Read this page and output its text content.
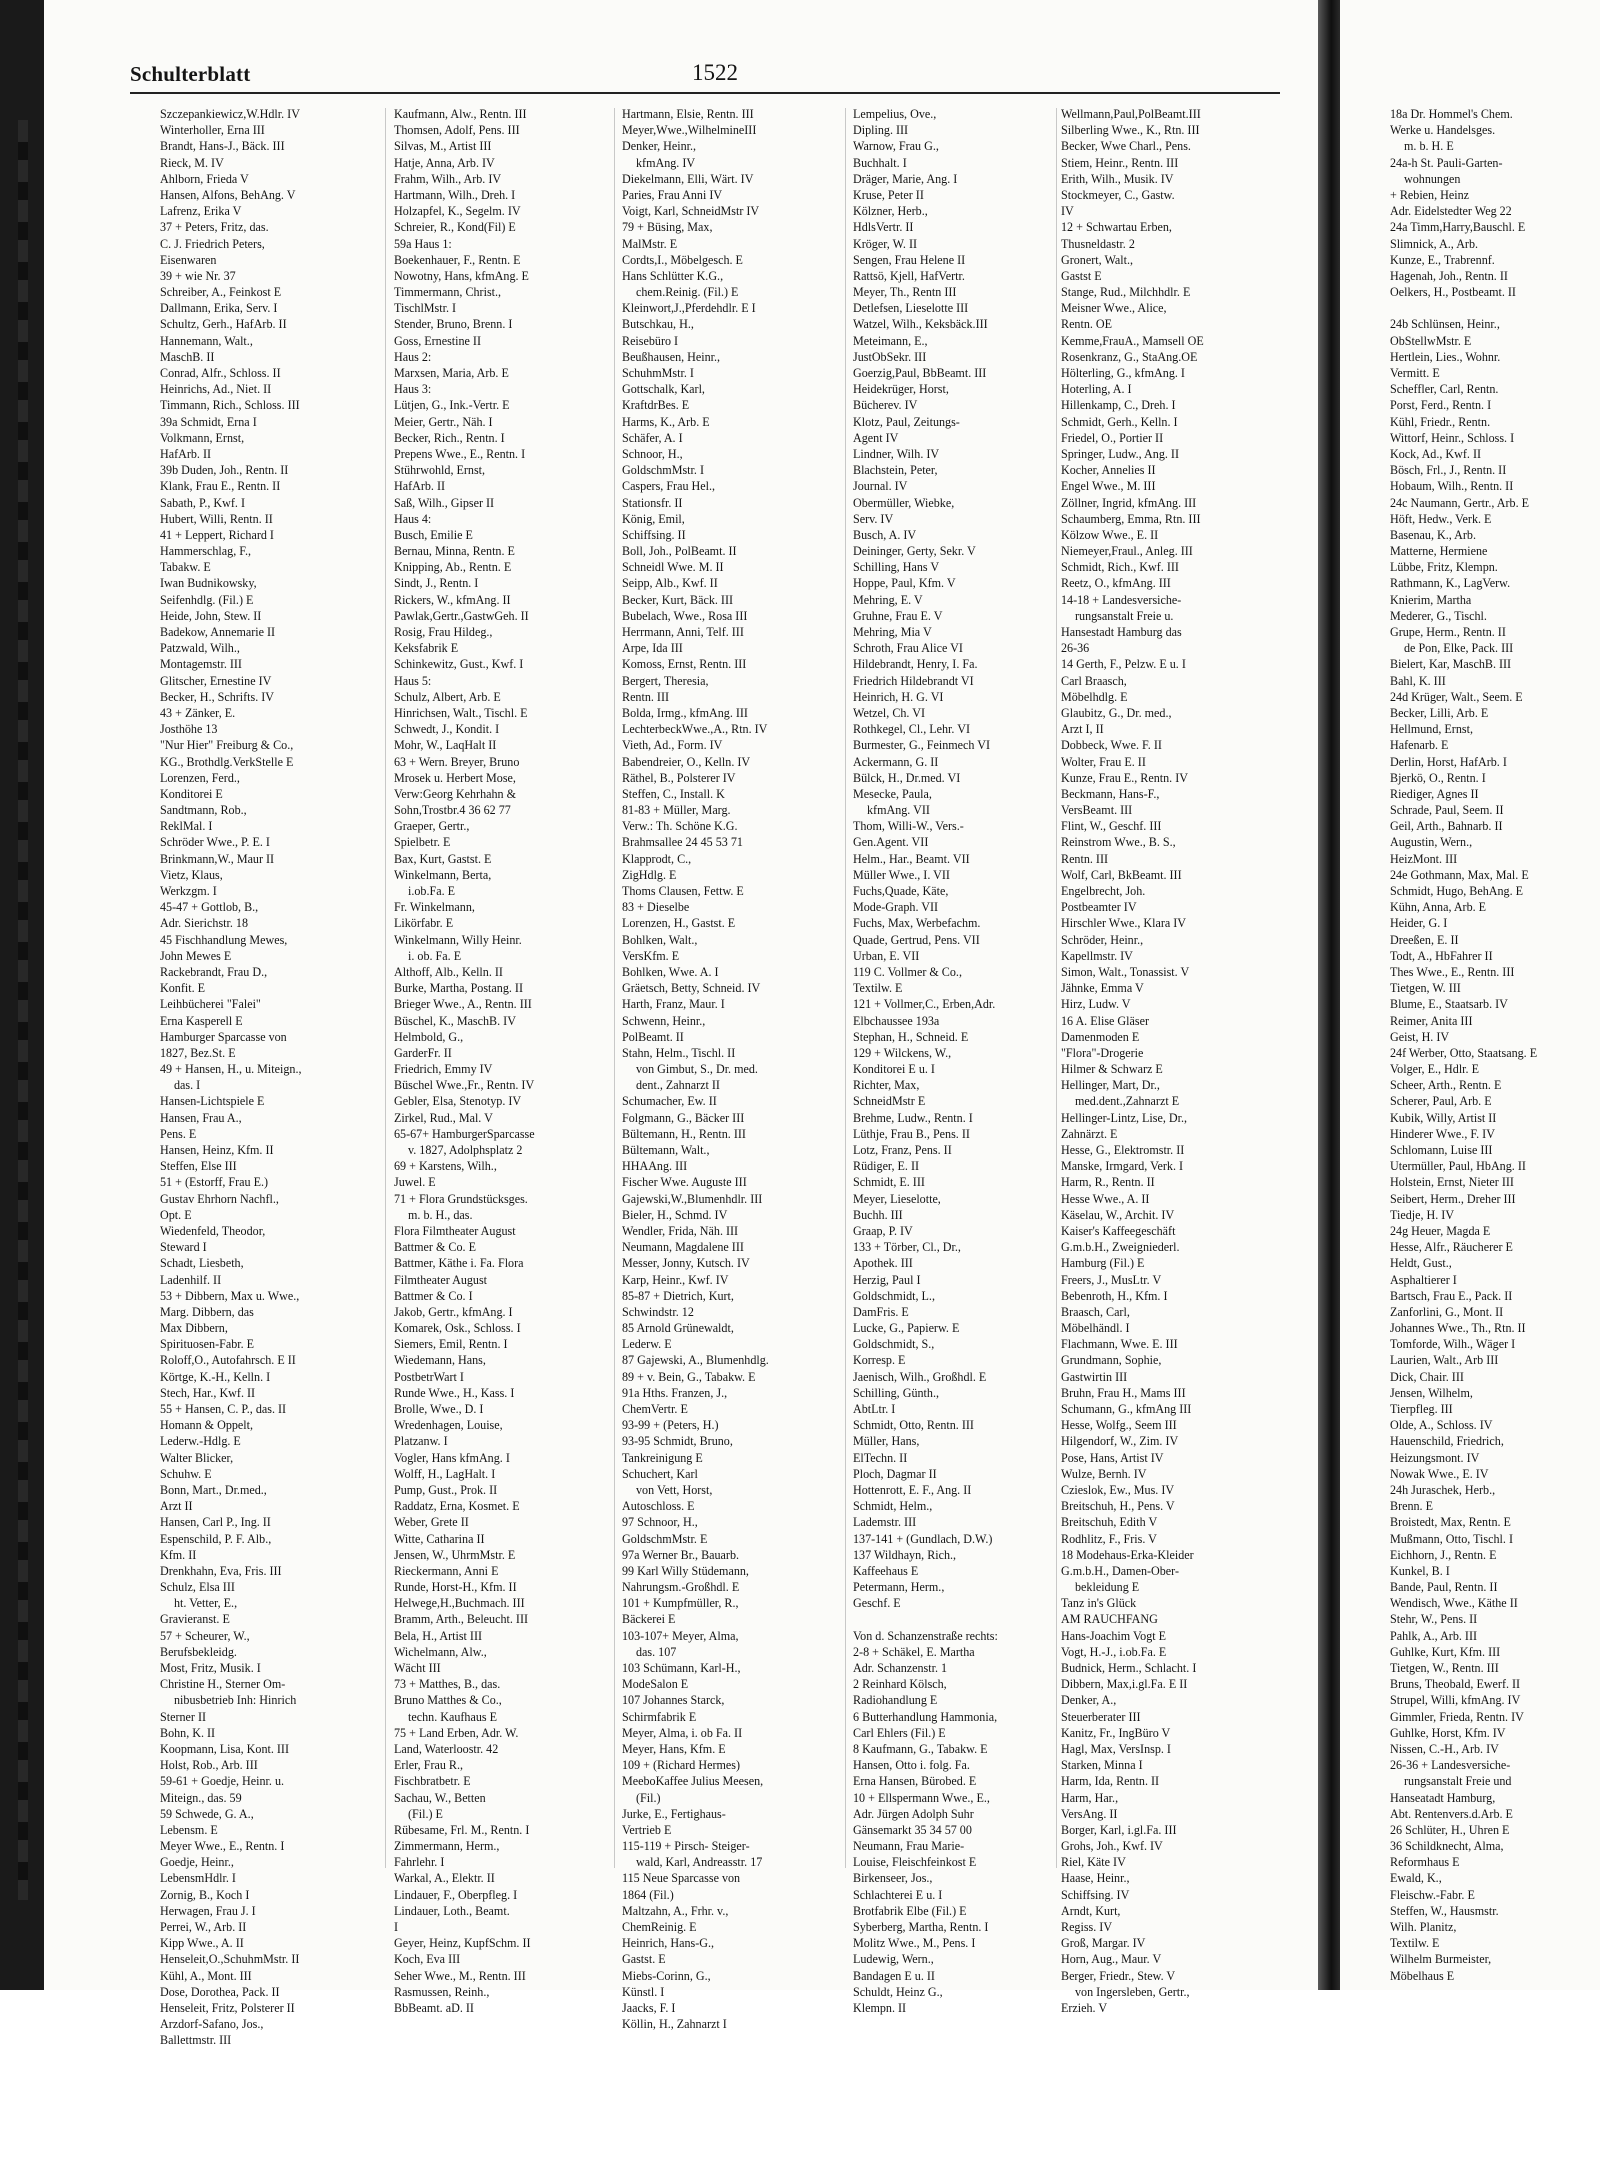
Schulterblatt	1522
Szczepankiewicz,W.Hdlr. IV
Winterholler, Erna III
Brandt, Hans-J., Bäck. III
Rieck, M. IV
Ahlborn, Frieda V
Hansen, Alfons, BehAng. V
Lafrenz, Erika V
37 + Peters, Fritz, das.
C. J. Friedrich Peters,
Eisenwaren
39 + wie Nr. 37
Schreiber, A., Feinkost E
Dallmann, Erika, Serv. I
Schultz, Gerh., HafArb. II
Hannemann, Walt.,
MaschB. II
Conrad, Alfr., Schloss. II
Heinrichs, Ad., Niet. II
Timmann, Rich., Schloss. III
39a Schmidt, Erna I
Volkmann, Ernst,
HafArb. II
39b Duden, Joh., Rentn. II
Klank, Frau E., Rentn. II
Sabath, P., Kwf. I
Hubert, Willi, Rentn. II
41 + Leppert, Richard I
Hammerschlag, F.,
Tabakw. E
Iwan Budnikowsky,
Seifenhdlg. (Fil.) E
Heide, John, Stew. II
Badekow, Annemarie II
Patzwald, Wilh.,
Montagemstr. III
Glitscher, Ernestine IV
Becker, H., Schrifts. IV
43 + Zänker, E.
Josthöhe 13
"Nur Hier" Freiburg & Co.,
KG., Brothdlg.VerkStelle E
Lorenzen, Ferd.,
Konditorei E
Sandtmann, Rob.,
ReklMal. I
Schröder Wwe., P. E. I
Brinkmann,W., Maur II
Vietz, Klaus,
Werkzgm. I
45-47 + Gottlob, B.,
Adr. Sierichstr. 18
45 Fischhandlung Mewes,
John Mewes E
Rackebrandt, Frau D.,
Konfit. E
Leihbücherei "Falei"
Erna Kasperell E
Hamburger Sparcasse von
1827, Bez.St. E
49 + Hansen, H., u. Miteign.,
das. I
Hansen-Lichtspiele E
Hansen, Frau A.,
Pens. E
Hansen, Heinz, Kfm. II
Steffen, Else III
51 + (Estorff, Frau E.)
Gustav Ehrhorn Nachfl.,
Opt. E
Wiedenfeld, Theodor,
Steward I
Schadt, Liesbeth,
Ladenhilf. II
53 + Dibbern, Max u. Wwe.,
Marg. Dibbern, das
Max Dibbern,
Spirituosen-Fabr. E
Roloff,O., Autofahrsch. E II
Körtge, K.-H., Kelln. I
Stech, Har., Kwf. II
55 + Hansen, C. P., das. II
Homann & Oppelt,
Lederw.-Hdlg. E
Walter Blicker,
Schuhw. E
Bonn, Mart., Dr.med.,
Arzt II
Hansen, Carl P., Ing. II
Espenschild, P. F. Alb.,
Kfm. II
Drenkhahn, Eva, Fris. III
Schulz, Elsa III
ht. Vetter, E.,
Gravieranst. E
57 + Scheurer, W.,
Berufsbekleidg.
Most, Fritz, Musik. I
Christine H., Sterner Om-
nibusbetrieb Inh: Hinrich
Sterner II
Bohn, K. II
Koopmann, Lisa, Kont. III
Holst, Rob., Arb. III
59-61 + Goedje, Heinr. u.
Miteign., das. 59
59 Schwede, G. A.,
Lebensm. E
Meyer Wwe., E., Rentn. I
Goedje, Heinr.,
LebensmHdlr. I
Zornig, B., Koch I
Herwagen, Frau J. I
Perrei, W., Arb. II
Kipp Wwe., A. II
Henseleit,O.,SchuhmMstr. II
Kühl, A., Mont. III
Dose, Dorothea, Pack. II
Henseleit, Fritz, Polsterer II
Arzdorf-Safano, Jos.,
Ballettmstr. III
Kaufmann, Alw., Rentn. III
Thomsen, Adolf, Pens. III
Silvas, M., Artist III
Hatje, Anna, Arb. IV
Frahm, Wilh., Arb. IV
Hartmann, Wilh., Dreh. I
Holzapfel, K., Segelm. IV
Schreier, R., Kond(Fil) E
59a Haus 1:
Boekenhauer, F., Rentn. E
Nowotny, Hans, kfmAng. E
Timmermann, Christ.,
TischlMstr. I
Stender, Bruno, Brenn. I
Goss, Ernestine II
Haus 2:
Marxsen, Maria, Arb. E
Haus 3:
Lütjen, G., Ink.-Vertr. E
Meier, Gertr., Näh. I
Becker, Rich., Rentn. I
Prepens Wwe., E., Rentn. I
Stührwohld, Ernst,
HafArb. II
Saß, Wilh., Gipser II
Haus 4:
Busch, Emilie E
Bernau, Minna, Rentn. E
Knipping, Ab., Rentn. E
Sindt, J., Rentn. I
Rickers, W., kfmAng. II
Pawlak,Gertr.,GastwGeh. II
Rosig, Frau Hildeg.,
Keksfabrik E
Schinkewitz, Gust., Kwf. I
Haus 5:
Schulz, Albert, Arb. E
Hinrichsen, Walt., Tischl. E
Schwedt, J., Kondit. I
Mohr, W., LaqHalt II
63 + Wern. Breyer, Bruno
Mrosek u. Herbert Mose,
Verw:Georg Kehrhahn &
Sohn,Trostbr.4 36 62 77
Graeper, Gertr.,
Spielbetr. E
Bax, Kurt, Gastst. E
Winkelmann, Berta,
i.ob.Fa. E
Fr. Winkelmann,
Likörfabr. E
Winkelmann, Willy Heinr.
i. ob. Fa. E
Althoff, Alb., Kelln. II
Burke, Martha, Postang. II
Brieger Wwe., A., Rentn. III
Büschel, K., MaschB. IV
Helmbold, G.,
GarderFr. II
Friedrich, Emmy IV
Büschel Wwe.,Fr., Rentn. IV
Gebler, Elsa, Stenotyp. IV
Zirkel, Rud., Mal. V
65-67+ HamburgerSparcasse
v. 1827, Adolphsplatz 2
69 + Karstens, Wilh.,
Juwel. E
71 + Flora Grundstücksges.
m. b. H., das.
Flora Filmtheater August
Battmer & Co. E
Battmer, Käthe i. Fa. Flora
Filmtheater August
Battmer & Co. I
Jakob, Gertr., kfmAng. I
Komarek, Osk., Schloss. I
Siemers, Emil, Rentn. I
Wiedemann, Hans,
PostbetrWart I
Runde Wwe., H., Kass. I
Brolle, Wwe., D. I
Wredenhagen, Louise,
Platzanw. I
Vogler, Hans kfmAng. I
Wolff, H., LagHalt. I
Pump, Gust., Prok. II
Raddatz, Erna, Kosmet. E
Weber, Grete II
Witte, Catharina II
Jensen, W., UhrmMstr. E
Rieckermann, Anni E
Runde, Horst-H., Kfm. II
Helwege,H.,Buchmach. III
Bramm, Arth., Beleucht. III
Bela, H., Artist III
Wichelmann, Alw.,
Wächt III
73 + Matthes, B., das.
Bruno Matthes & Co.,
techn. Kaufhaus E
75 + Land Erben, Adr. W.
Land, Waterloostr. 42
Erler, Frau R.,
Fischbratbetr. E
Sachau, W., Betten
(Fil.) E
Rübesame, Frl. M., Rentn. I
Zimmermann, Herm.,
Fahrlehr. I
Warkal, A., Elektr. II
Lindauer, F., Oberpfleg. I
Lindauer, Loth., Beamt.
I
Geyer, Heinz, KupfSchm. II
Koch, Eva III
Seher Wwe., M., Rentn. III
Rasmussen, Reinh.,
BbBeamt. aD. II
Hartmann, Elsie, Rentn. III
Meyer,Wwe.,WilhelmineIII
Denker, Heinr.,
kfmAng. IV
Diekelmann, Elli, Wärt. IV
Paries, Frau Anni IV
Voigt, Karl, SchneidMstr IV
79 + Büsing, Max,
MalMstr. E
Cordts,I., Möbelgesch. E
Hans Schlütter K.G.,
chem.Reinig. (Fil.) E
Kleinwort,J.,Pferdehdlr. E I
Butschkau, H.,
Reisebüro I
Beußhausen, Heinr.,
SchuhmMstr. I
Gottschalk, Karl,
KraftdrBes. E
Harms, K., Arb. E
Schäfer, A. I
Schnoor, H.,
GoldschmMstr. I
Caspers, Frau Hel.,
Stationsfr. II
König, Emil,
Schiffsing. II
Boll, Joh., PolBeamt. II
Schneidl Wwe. M. II
Seipp, Alb., Kwf. II
Becker, Kurt, Bäck. III
Bubelach, Wwe., Rosa III
Herrmann, Anni, Telf. III
Arpe, Ida III
Komoss, Ernst, Rentn. III
Bergert, Theresia,
Rentn. III
Bolda, Irmg., kfmAng. III
LechterbeckWwe.,A., Rtn. IV
Vieth, Ad., Form. IV
Babendreier, O., Kelln. IV
Räthel, B., Polsterer IV
Steffen, C., Install. K
81-83 + Müller, Marg.
Verw.: Th. Schöne K.G.
Brahmsallee 24 45 53 71
Klapprodt, C.,
ZigHdlg. E
Thoms Clausen, Fettw. E
83 + Dieselbe
Lorenzen, H., Gastst. E
Bohlken, Walt.,
VersKfm. E
Bohlken, Wwe. A. I
Gräetsch, Betty, Schneid. IV
Harth, Franz, Maur. I
Schwenn, Heinr.,
PolBeamt. II
Stahn, Helm., Tischl. II
von Gimbut, S., Dr. med.
dent., Zahnarzt II
Schumacher, Ew. II
Folgmann, G., Bäcker III
Bültemann, H., Rentn. III
Bültemann, Walt.,
HHAAng. III
Fischer Wwe. Auguste III
Gajewski,W.,Blumenhdlr. III
Bieler, H., Schmd. IV
Wendler, Frida, Näh. III
Neumann, Magdalene III
Messer, Jonny, Kutsch. IV
Karp, Heinr., Kwf. IV
85-87 + Dietrich, Kurt,
Schwindstr. 12
85 Arnold Grünewaldt,
Lederw. E
87 Gajewski, A., Blumenhdlg.
89 + v. Bein, G., Tabakw. E
91a Hths. Franzen, J.,
ChemVertr. E
93-99 + (Peters, H.)
93-95 Schmidt, Bruno,
Tankreinigung E
Schuchert, Karl
von Vett, Horst,
Autoschloss. E
97 Schnoor, H.,
GoldschmMstr. E
97a Werner Br., Bauarb.
99 Karl Willy Stüdemann,
Nahrungsm.-Großhdl. E
101 + Kumpfmüller, R.,
Bäckerei E
103-107+ Meyer, Alma,
das. 107
103 Schümann, Karl-H.,
ModeSalon E
107 Johannes Starck,
Schirmfabrik E
Meyer, Alma, i. ob Fa. II
Meyer, Hans, Kfm. E
109 + (Richard Hermes)
MeeboKaffee Julius Meesen,
(Fil.)
Jurke, E., Fertighaus-
Vertrieb E
115-119 + Pirsch- Steiger-
wald, Karl, Andreasstr. 17
115 Neue Sparcasse von
1864 (Fil.)
Maltzahn, A., Frhr. v.,
ChemReinig. E
Heinrich, Hans-G.,
Gastst. E
Miebs-Corinn, G.,
Künstl. I
Jaacks, F. I
Köllin, H., Zahnarzt I
Lempelius, Ove.,
Dipling. III
Warnow, Frau G.,
Buchhalt. I
Dräger, Marie, Ang. I
Kruse, Peter II
Kölzner, Herb.,
HdlsVertr. II
Kröger, W. II
Sengen, Frau Helene II
Rattsö, Kjell, HafVertr.
Meyer, Th., Rentn III
Detlefsen, Lieselotte III
Watzel, Wilh., Keksbäck.III
Meteimann, E.,
JustObSekr. III
Goerzig,Paul, BbBeamt. III
Heidekrüger, Horst,
Bücherev. IV
Klotz, Paul, Zeitungs-
Agent IV
Lindner, Wilh. IV
Blachstein, Peter,
Journal. IV
Obermüller, Wiebke,
Serv. IV
Busch, A. IV
Deininger, Gerty, Sekr. V
Schilling, Hans V
Hoppe, Paul, Kfm. V
Mehring, E. V
Gruhne, Frau E. V
Mehring, Mia V
Schroth, Frau Alice VI
Hildebrandt, Henry, I. Fa.
Friedrich Hildebrandt VI
Heinrich, H. G. VI
Wetzel, Ch. VI
Rothkegel, Cl., Lehr. VI
Burmester, G., Feinmech VI
Ackermann, G. II
Bülck, H., Dr.med. VI
Mesecke, Paula,
kfmAng. VII
Thom, Willi-W., Vers.-
Gen.Agent. VII
Helm., Har., Beamt. VII
Müller Wwe., I. VII
Fuchs,Quade, Käte,
Mode-Graph. VII
Fuchs, Max, Werbefachm.
Quade, Gertrud, Pens. VII
Urban, E. VII
119 C. Vollmer & Co.,
Textilw. E
121 + Vollmer,C., Erben,Adr.
Elbchaussee 193a
Stephan, H., Schneid. E
129 + Wilckens, W.,
Konditorei E u. I
Richter, Max,
SchneidMstr E
Brehme, Ludw., Rentn. I
Lüthje, Frau B., Pens. II
Lotz, Franz, Pens. II
Rüdiger, E. II
Schmidt, E. III
Meyer, Lieselotte,
Buchh. III
Graap, P. IV
133 + Törber, Cl., Dr.,
Apothek. III
Herzig, Paul I
Goldschmidt, L.,
DamFris. E
Lucke, G., Papierw. E
Goldschmidt, S.,
Korresp. E
Jaenisch, Wilh., Großhdl. E
Schilling, Günth.,
AbtLtr. I
Schmidt, Otto, Rentn. III
Müller, Hans,
ElTechn. II
Ploch, Dagmar II
Hottenrott, E. F., Ang. II
Schmidt, Helm.,
Lademstr. III
137-141 + (Gundlach, D.W.)
137 Wildhayn, Rich.,
Kaffeehaus E
Petermann, Herm.,
Geschf. E
Von d. Schanzenstraße rechts:
2-8 + Schäkel, E. Martha
Adr. Schanzenstr. 1
2 Reinhard Kölsch,
Radiohandlung E
6 Butterhandlung Hammonia,
Carl Ehlers (Fil.) E
8 Kaufmann, G., Tabakw. E
Hansen, Otto i. folg. Fa.
Erna Hansen, Bürobed. E
10 + Ellspermann Wwe., E.,
Adr. Jürgen Adolph Suhr
Gänsemarkt 35 34 57 00
Neumann, Frau Marie-
Louise, Fleischfeinkost E
Birkenseer, Jos.,
Schlachterei E u. I
Brotfabrik Elbe (Fil.) E
Syberberg, Martha, Rentn. I
Molitz Wwe., M., Pens. I
Ludewig, Wern.,
Bandagen E u. II
Schuldt, Heinz G.,
Klempn. II
Wellmann,Paul,PolBeamt.III
Silberling Wwe., K., Rtn. III
Becker, Wwe Charl., Pens.
Stiem, Heinr., Rentn. III
Erith, Wilh., Musik. IV
Stockmeyer, C., Gastw.
IV
12 + Schwartau Erben,
Thusneldastr. 2
Gronert, Walt.,
Gastst E
Stange, Rud., Milchhdlr. E
Meisner Wwe., Alice,
Rentn. OE
Kemme,FrauA., Mamsell OE
Rosenkranz, G., StaAng.OE
Hölterling, G., kfmAng. I
Hoterling, A. I
Hillenkamp, C., Dreh. I
Schmidt, Gerh., Kelln. I
Friedel, O., Portier II
Springer, Ludw., Ang. II
Kocher, Annelies II
Engel Wwe., M. III
Zöllner, Ingrid, kfmAng. III
Schaumberg, Emma, Rtn. III
Kölzow Wwe., E. II
Niemeyer,Fraul., Anleg. III
Schmidt, Rich., Kwf. III
Reetz, O., kfmAng. III
14-18 + Landesversiche-
rungsanstalt Freie u.
Hansestadt Hamburg das
26-36
14 Gerth, F., Pelzw. E u. I
Carl Braasch,
Möbelhdlg. E
Glaubitz, G., Dr. med.,
Arzt I, II
Dobbeck, Wwe. F. II
Wolter, Frau E. II
Kunze, Frau E., Rentn. IV
Beckmann, Hans-F.,
VersBeamt. III
Flint, W., Geschf. III
Reinstrom Wwe., B. S.,
Rentn. III
Wolf, Carl, BkBeamt. III
Engelbrecht, Joh.
Postbeamter IV
Hirschler Wwe., Klara IV
Schröder, Heinr.,
Kapellmstr. IV
Simon, Walt., Tonassist. V
Jähnke, Emma V
Hirz, Ludw. V
16 A. Elise Gläser
Damenmoden E
"Flora"-Drogerie
Hilmer & Schwarz E
Hellinger, Mart, Dr.,
med.dent.,Zahnarzt E
Hellinger-Lintz, Lise, Dr.,
Zahnärzt. E
Hesse, G., Elektromstr. II
Manske, Irmgard, Verk. I
Harm, R., Rentn. II
Hesse Wwe., A. II
Käselau, W., Archit. IV
Kaiser's Kaffeegeschäft
G.m.b.H., Zweigniederl.
Hamburg (Fil.) E
Freers, J., MusLtr. V
Bebenroth, H., Kfm. I
Braasch, Carl,
Möbelhändl. I
Flachmann, Wwe. E. III
Grundmann, Sophie,
Gastwirtin III
Bruhn, Frau H., Mams III
Schumann, G., kfmAng III
Hesse, Wolfg., Seem III
Hilgendorf, W., Zim. IV
Pose, Hans, Artist IV
Wulze, Bernh. IV
Czieslok, Ew., Mus. IV
Breitschuh, H., Pens. V
Breitschuh, Edith V
Rodhlitz, F., Fris. V
18 Modehaus-Erka-Kleider
G.m.b.H., Damen-Ober-
bekleidung E
Tanz in's Glück
AM RAUCHFANG
Hans-Joachim Vogt E
Vogt, H.-J., i.ob.Fa. E
Budnick, Herm., Schlacht. I
Dibbern, Max,i.gl.Fa. E II
Denker, A.,
Steuerberater III
Kanitz, Fr., IngBüro V
Hagl, Max, VersInsp. I
Starken, Minna I
Harm, Ida, Rentn. II
Harm, Har.,
VersAng. II
Borger, Karl, i.gl.Fa. III
Grohs, Joh., Kwf. IV
Riel, Käte IV
Haase, Heinr.,
Schiffsing. IV
Arndt, Kurt,
Regiss. IV
Groß, Margar. IV
Horn, Aug., Maur. V
Berger, Friedr., Stew. V
von Ingersleben, Gertr.,
Erzieh. V
18a Dr. Hommel's Chem.
Werke u. Handelsges.
m. b. H. E
24a-h St. Pauli-Garten-
wohnungen
+ Rebien, Heinz
Adr. Eidelstedter Weg 22
24a Timm,Harry,Bauschl. E
Slimnick, A., Arb.
Kunze, E., Trabrennf.
Hagenah, Joh., Rentn. II
Oelkers, H., Postbeamt. II
24b Schlünsen, Heinr.,
ObStellwMstr. E
Hertlein, Lies., Wohnr.
Vermitt. E
Scheffler, Carl, Rentn.
Porst, Ferd., Rentn. I
Kühl, Friedr., Rentn.
Wittorf, Heinr., Schloss. I
Kock, Ad., Kwf. II
Bösch, Frl., J., Rentn. II
Hobaum, Wilh., Rentn. II
24c Naumann, Gertr., Arb. E
Höft, Hedw., Verk. E
Basenau, K., Arb.
Matterne, Hermiene
Lübbe, Fritz, Klempn.
Rathmann, K., LagVerw.
Knierim, Martha
Mederer, G., Tischl.
Grupe, Herm., Rentn. II
de Pon, Elke, Pack. III
Bielert, Kar, MaschB. III
Bahl, K. III
24d Krüger, Walt., Seem. E
Becker, Lilli, Arb. E
Hellmund, Ernst,
Hafenarb. E
Derlin, Horst, HafArb. I
Bjerkö, O., Rentn. I
Riediger, Agnes II
Schrade, Paul, Seem. II
Geil, Arth., Bahnarb. II
Augustin, Wern.,
HeizMont. III
24e Gothmann, Max, Mal. E
Schmidt, Hugo, BehAng. E
Kühn, Anna, Arb. E
Heider, G. I
Dreeßen, E. II
Todt, A., HbFahrer II
Thes Wwe., E., Rentn. III
Tietgen, W. III
Blume, E., Staatsarb. IV
Reimer, Anita III
Geist, H. IV
24f Werber, Otto, Staatsang. E
Volger, E., Hdlr. E
Scheer, Arth., Rentn. E
Scherer, Paul, Arb. E
Kubik, Willy, Artist II
Hinderer Wwe., F. IV
Schlomann, Luise III
Utermüller, Paul, HbAng. II
Holstein, Ernst, Nieter III
Seibert, Herm., Dreher III
Tiedje, H. IV
24g Heuer, Magda E
Hesse, Alfr., Räucherer E
Heldt, Gust.,
Asphaltierer I
Bartsch, Frau E., Pack. II
Zanforlini, G., Mont. II
Johannes Wwe., Th., Rtn. II
Tomforde, Wilh., Wäger I
Laurien, Walt., Arb III
Dick, Chair. III
Jensen, Wilhelm,
Tierpfleg. III
Olde, A., Schloss. IV
Hauenschild, Friedrich,
Heizungsmont. IV
Nowak Wwe., E. IV
24h Juraschek, Herb.,
Brenn. E
Broistedt, Max, Rentn. E
Mußmann, Otto, Tischl. I
Eichhorn, J., Rentn. E
Kunkel, B. I
Bande, Paul, Rentn. II
Wendisch, Wwe., Käthe II
Stehr, W., Pens. II
Pahlk, A., Arb. III
Guhlke, Kurt, Kfm. III
Tietgen, W., Rentn. III
Bruns, Theobald, Ewerf. II
Strupel, Willi, kfmAng. IV
Gimmler, Frieda, Rentn. IV
Guhlke, Horst, Kfm. IV
Nissen, C.-H., Arb. IV
26-36 + Landesversiche-
rungsanstalt Freie und
Hanseatadt Hamburg,
Abt. Rentenvers.d.Arb. E
26 Schlüter, H., Uhren E
36 Schildknecht, Alma,
Reformhaus E
Ewald, K.,
Fleischw.-Fabr. E
Steffen, W., Hausmstr.
Wilh. Planitz,
Textilw. E
Wilhelm Burmeister,
Möbelhaus E
